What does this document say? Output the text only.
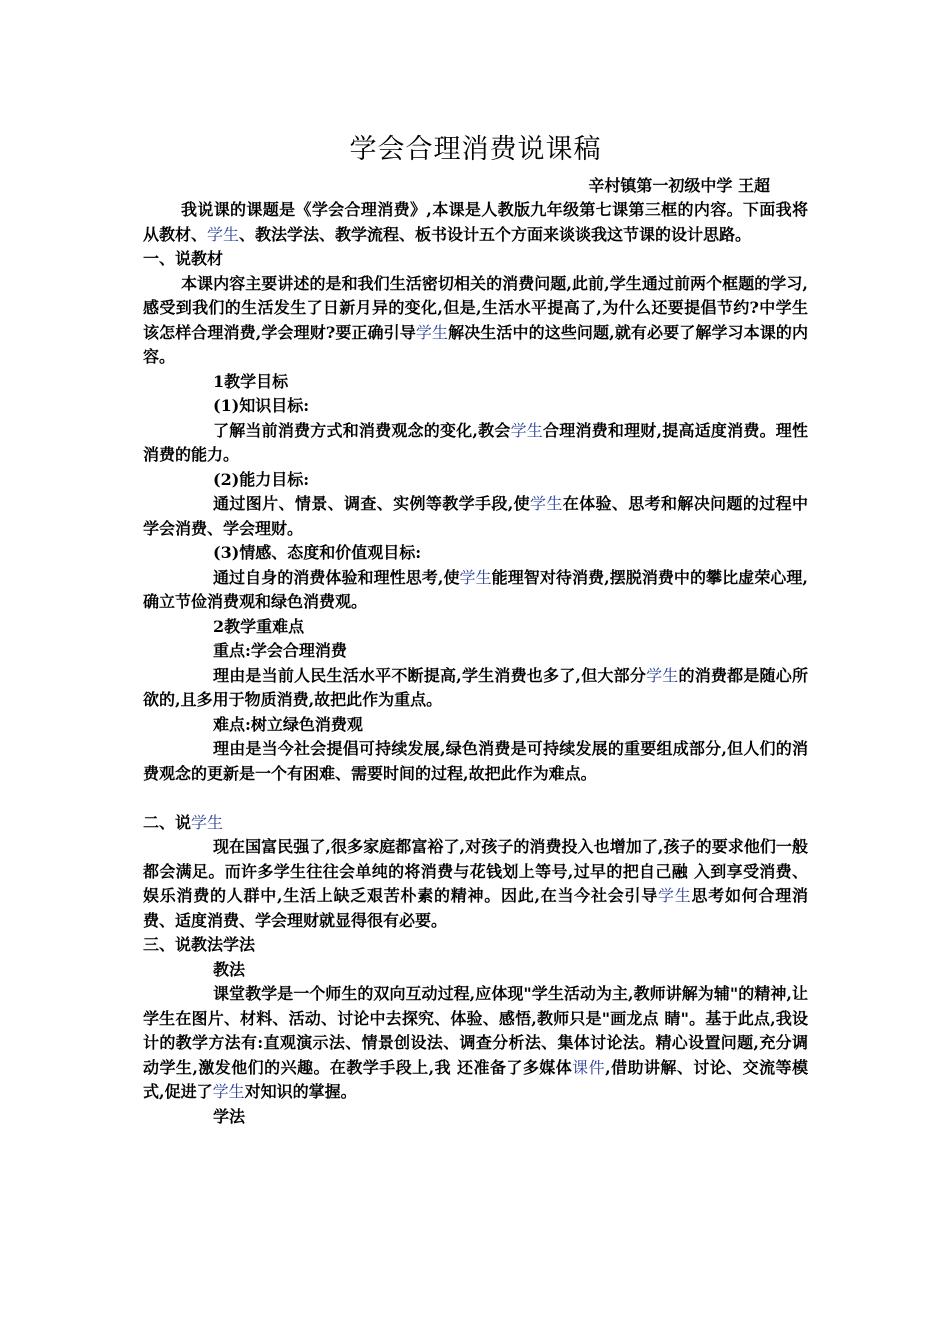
学会合理消费说课稿
辛村镇第一初级中学 王超

我说课的课题是《学会合理消费》,本课是人教版九年级第七课第三框的内容。下面我将从教材、学生、教法学法、教学流程、板书设计五个方面来谈谈我这节课的设计思路。

一、说教材

本课内容主要讲述的是和我们生活密切相关的消费问题,此前,学生通过前两个框题的学习,感受到我们的生活发生了日新月异的变化,但是,生活水平提高了,为什么还要提倡节约?中学生该怎样合理消费,学会理财?要正确引导学生解决生活中的这些问题,就有必要了解学习本课的内容。

1教学目标

(1)知识目标:

了解当前消费方式和消费观念的变化,教会学生合理消费和理财,提高适度消费。理性消费的能力。

(2)能力目标:

通过图片、情景、调查、实例等教学手段,使学生在体验、思考和解决问题的过程中学会消费、学会理财。

(3)情感、态度和价值观目标:

通过自身的消费体验和理性思考,使学生能理智对待消费,摆脱消费中的攀比虚荣心理,确立节俭消费观和绿色消费观。

2教学重难点

重点:学会合理消费

理由是当前人民生活水平不断提高,学生消费也多了,但大部分学生的消费都是随心所欲的,且多用于物质消费,故把此作为重点。

难点:树立绿色消费观

理由是当今社会提倡可持续发展,绿色消费是可持续发展的重要组成部分,但人们的消费观念的更新是一个有困难、需要时间的过程,故把此作为难点。

二、说学生

现在国富民强了,很多家庭都富裕了,对孩子的消费投入也增加了,孩子的要求他们一般都会满足。而许多学生往往会单纯的将消费与花钱划上等号,过早的把自己融 入到享受消费、娱乐消费的人群中,生活上缺乏艰苦朴素的精神。因此,在当今社会引导学生思考如何合理消费、适度消费、学会理财就显得很有必要。

三、说教法学法

教法

课堂教学是一个师生的双向互动过程,应体现"学生活动为主,教师讲解为辅"的精神,让学生在图片、材料、活动、讨论中去探究、体验、感悟,教师只是"画龙点 睛"。基于此点,我设计的教学方法有:直观演示法、情景创设法、调查分析法、集体讨论法。精心设置问题,充分调动学生,激发他们的兴趣。在教学手段上,我 还准备了多媒体课件,借助讲解、讨论、交流等模式,促进了学生对知识的掌握。

学法
